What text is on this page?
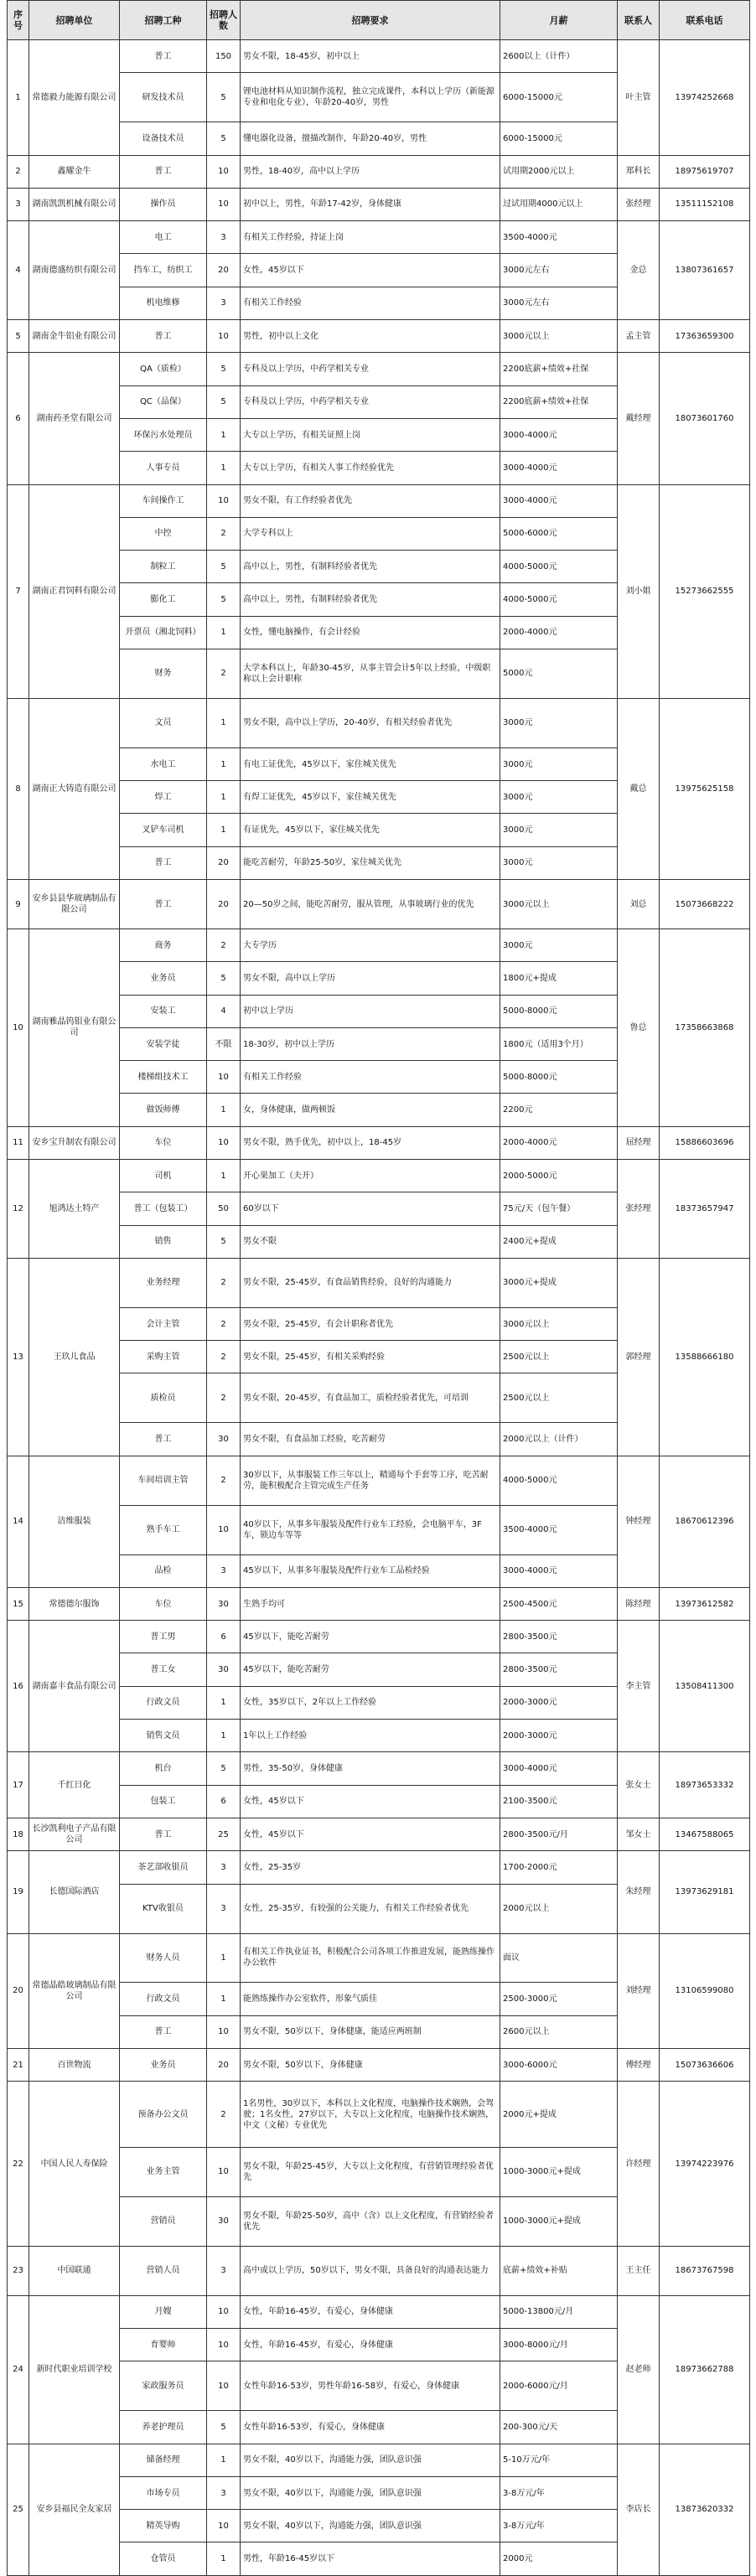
序号	招聘单位	招聘工种	招聘人数	招聘要求	月薪	联系人	联系电话
1	常德毅力能源有限公司	普工	150	男女不限，18-45岁，初中以上	2600以上（计件）	叶主管	13974252668
		研发技术员	5	锂电池材料从知识制作流程，独立完成课件，本科以上学历（新能源专业和电化专业），年龄20-40岁，男性	6000-15000元		
		设备技术员	5	懂电器化设备，擅描改制作，年龄20-40岁，男性	6000-15000元		
2	鑫耀金牛	普工	10	男性，18-40岁，高中以上学历	试用期2000元以上	郑科长	18975619707
3	湖南凯凯机械有限公司	操作员	10	初中以上，男性，年龄17-42岁，身体健康	过试用期4000元以上	张经理	13511152108
4	湖南德盛纺织有限公司	电工	3	有相关工作经验，持证上岗	3500-4000元	金总	13807361657
		挡车工，纺织工	20	女性，45岁以下	3000元左右		
		机电维修	3	有相关工作经验	3000元左右		
5	湖南金牛铝业有限公司	普工	10	男性，初中以上文化	3000元以上	孟主管	17363659300
6	湖南药圣堂有限公司	QA（质检）	5	专科及以上学历，中药学相关专业	2200底薪+绩效+社保	戴经理	18073601760
		QC（品保）	5	专科及以上学历，中药学相关专业	2200底薪+绩效+社保		
		环保污水处理员	1	大专以上学历，有相关证照上岗	3000-4000元		
		人事专员	1	大专以上学历，有相关人事工作经验优先	3000-4000元		
7	湖南正君饲料有限公司	车间操作工	10	男女不限，有工作经验者优先	3000-4000元	刘小姐	15273662555
		中控	2	大学专科以上	5000-6000元		
		制粒工	5	高中以上，男性，有制料经验者优先	4000-5000元		
		膨化工	5	高中以上，男性，有制料经验者优先	4000-5000元		
		开票员（湘北饲料）	1	女性，懂电脑操作，有会计经验	2000-4000元		
		财务	2	大学本科以上，年龄30-45岁，从事主管会计5年以上经验，中级职称以上会计职称	5000元		
8	湖南正大铸造有限公司	文员	1	男女不限，高中以上学历，20-40岁，有相关经验者优先	3000元	戴总	13975625158
		水电工	1	有电工证优先，45岁以下，家住城关优先	3000元		
		焊工	1	有焊工证优先，45岁以下，家住城关优先	3000元		
		叉铲车司机	1	有证优先，45岁以下，家住城关优先	3000元		
		普工	20	能吃苦耐劳，年龄25-50岁，家住城关优先	3000元		
9	安乡县县华玻璃制品有限公司	普工	20	20—50岁之间，能吃苦耐劳，服从管理，从事玻璃行业的优先	3000元以上	刘总	15073668222
10	湖南雅晶钨钼业有限公司	商务	2	大专学历	3000元	鲁总	17358663868
		业务员	5	男女不限，高中以上学历	1800元+提成		
		安装工	4	初中以上学历	5000-8000元		
		安装学徒	不限	18-30岁，初中以上学历	1800元（适用3个月）		
		楼梯组技术工	10	有相关工作经验	5000-8000元		
		做饭师傅	1	女，身体健康，做两顿饭	2200元		
11	安乡宝升制农有限公司	车位	10	男女不限，熟手优先，初中以上，18-45岁	2000-4000元	屈经理	15886603696
12	旭鸿达土特产	司机	1	开心果加工（夫开）	2000-5000元	张经理	18373657947
		普工（包装工）	50	60岁以下	75元/天（包午餐）		
		销售	5	男女不限	2400元+提成		
13	王玖儿食品	业务经理	2	男女不限，25-45岁，有食品销售经验，良好的沟通能力	3000元+提成	郭经理	13588666180
		会计主管	2	男女不限，25-45岁，有会计职称者优先	3000元以上		
		采购主管	2	男女不限，25-45岁，有相关采购经验	2500元以上		
		质检员	2	男女不限，20-45岁，有食品加工，质检经验者优先，可培训	2500元以上		
		普工	30	男女不限，有食品加工经验，吃苦耐劳	2000元以上（计件）		
14	洁维服装	车间培训主管	2	30岁以下，从事服装工作三年以上，精通每个手套等工序，吃苦耐劳，能积极配合主管完成生产任务	4000-5000元	钟经理	18670612396
		熟手车工	10	40岁以下，从事多年服装及配件行业车工经验，会电脑平车，3F车，锁边车等等	3500-4000元		
		品检	3	45岁以下，从事多年服装及配件行业车工品检经验	3000-4000元		
15	常德德尔服饰	车位	30	生熟手均可	2500-4500元	陈经理	13973612582
16	湖南嘉丰食品有限公司	普工男	6	45岁以下，能吃苦耐劳	2800-3500元	李主管	13508411300
		普工女	30	45岁以下，能吃苦耐劳	2800-3500元		
		行政文员	1	女性，35岁以下，2年以上工作经验	2000-3000元		
		销售文员	1	1年以上工作经验	2000-3000元		
17	千红日化	机台	5	男性，35-50岁，身体健康	3000-4000元	张女士	18973653332
		包装工	6	女性，45岁以下	2100-3500元		
18	长沙凯利电子产品有限公司	普工	25	女性，45岁以下	2800-3500元/月	邹女士	13467588065
19	长德国际酒店	茶艺部收银员	3	女性，25-35岁	1700-2000元	朱经理	13973629181
		KTV收银员	3	女性，25-35岁，有较强的公关能力，有相关工作经验者优先	2000元以上		
20	常德晶皓玻璃制品有限公司	财务人员	1	有相关工作执业证书，积极配合公司各项工作推进发展，能熟练操作办公软件	面议	刘经理	13106599080
		行政文员	1	能熟练操作办公室软件，形象气质佳	2500-3000元		
		普工	10	男女不限，50岁以下，身体健康，能适应两班制	2600元以上		
21	百世物流	业务员	20	男女不限，50岁以下，身体健康	3000-6000元	傅经理	15073636606
22	中国人民人寿保险	预备办公文员	2	1名男性，30岁以下，本科以上文化程度，电脑操作技术娴熟，会驾驶；1名女性，27岁以下，大专以上文化程度，电脑操作技术娴熟，中文（文秘）专业优先	2000元+提成	许经理	13974223976
		业务主管	10	男女不限，年龄25-45岁，大专以上文化程度，有营销管理经验者优先	1000-3000元+提成		
		营销员	30	男女不限，年龄25-50岁，高中（含）以上文化程度，有营销经验者优先	1000-3000元+提成		
23	中国联通	营销人员	3	高中或以上学历，50岁以下，男女不限，具备良好的沟通表达能力	底薪+绩效+补贴	王主任	18673767598
24	新时代职业培训学校	月嫂	10	女性，年龄16-45岁，有爱心，身体健康	5000-13800元/月	赵老师	18973662788
		育婴师	10	女性，年龄16-45岁，有爱心，身体健康	3000-8000元/月		
		家政服务员	10	女性年龄16-53岁，男性年龄16-58岁，有爱心，身体健康	2000-6000元/月		
		养老护理员	5	女性年龄16-53岁，有爱心，身体健康	200-300元/天		
25	安乡县福民全友家居	储备经理	1	男女不限，40岁以下，沟通能力强，团队意识强	5-10万元/年	李店长	13873620332
		市场专员	3	男女不限，40岁以下，沟通能力强，团队意识强	3-8万元/年		
		精英导购	10	男女不限，40岁以下，沟通能力强，团队意识强	3-8万元/年		
		仓管员	1	男性，年龄16-45岁以下	2000元		
